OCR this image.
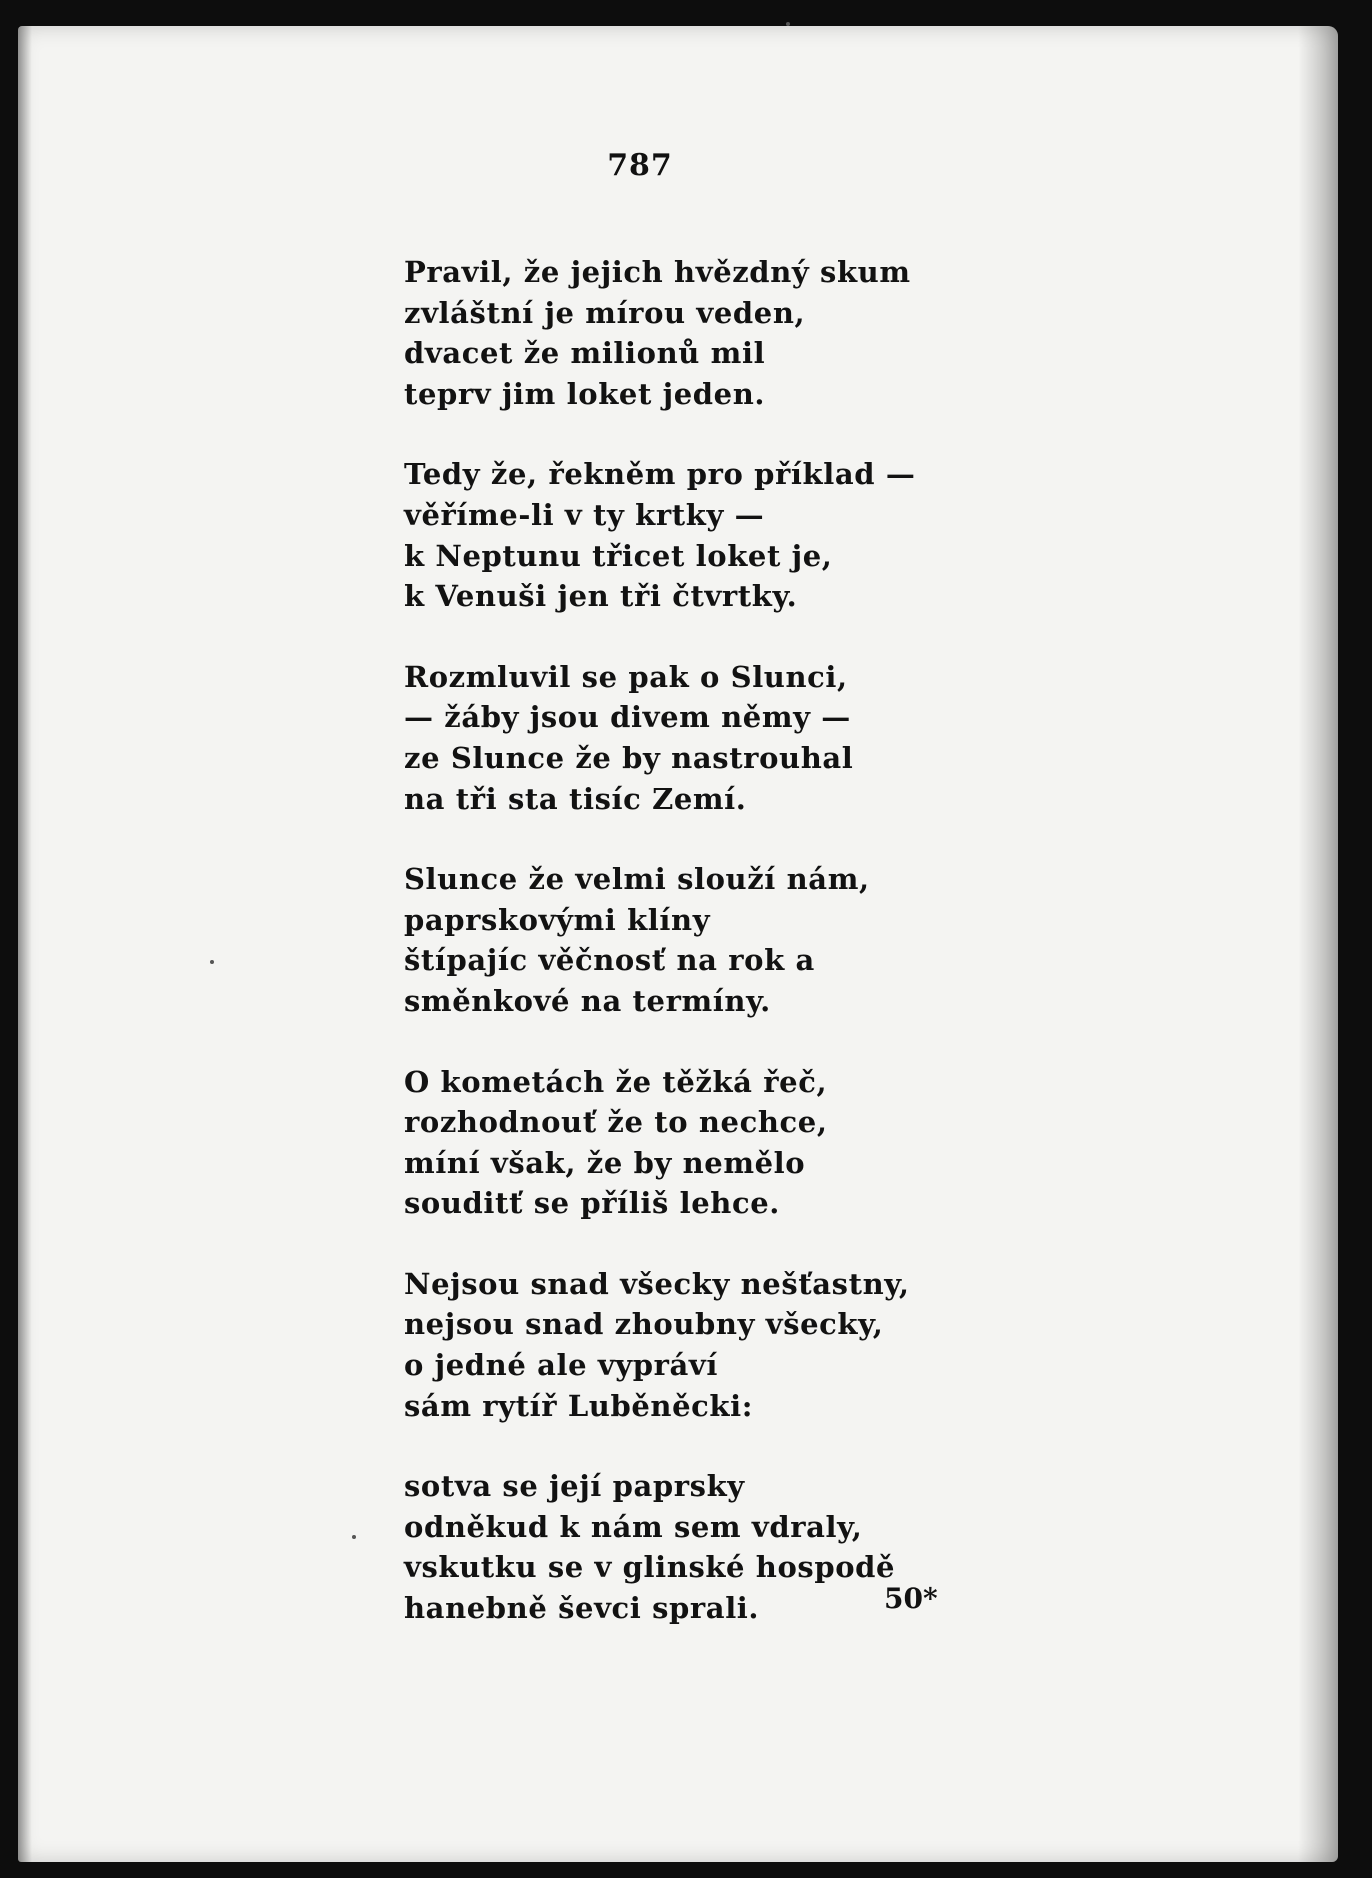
787
Pravil, že jejich hvězdný skum
zvláštní je mírou veden,
dvacet že milionů mil
teprv jim loket jeden.
Tedy že, řekněm pro příklad —
věříme-li v ty krtky —
k Neptunu třicet loket je,
k Venuši jen tři čtvrtky.
Rozmluvil se pak o Slunci,
— žáby jsou divem němy —
ze Slunce že by nastrouhal
na tři sta tisíc Zemí.
Slunce že velmi slouží nám,
paprskovými klíny
štípajíc věčnosť na rok a
směnkové na termíny.
O kometách že těžká řeč,
rozhodnouť že to nechce,
míní však, že by nemělo
souditť se příliš lehce.
Nejsou snad všecky nešťastny,
nejsou snad zhoubny všecky,
o jedné ale vypráví
sám rytíř Luběněcki:
sotva se její paprsky
odněkud k nám sem vdraly,
vskutku se v glinské hospodě
hanebně ševci sprali.	50*
